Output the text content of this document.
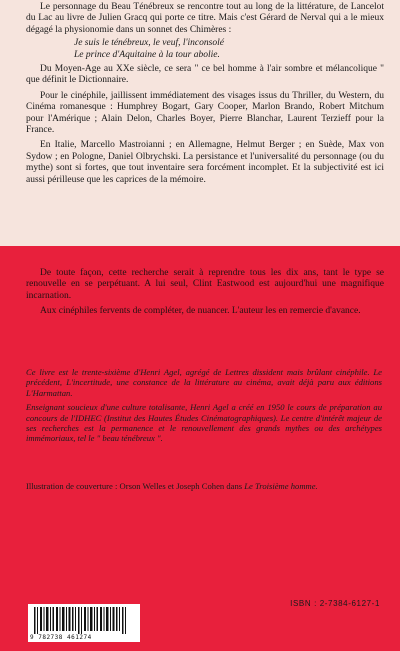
Le personnage du Beau Ténébreux se rencontre tout au long de la littérature, de Lancelot du Lac au livre de Julien Gracq qui porte ce titre. Mais c'est Gérard de Nerval qui a le mieux dégagé la physionomie dans un sonnet des Chimères :

Je suis le ténébreux, le veuf, l'inconsolé
Le prince d'Aquitaine à la tour abolie.

Du Moyen-Age au XXe siècle, ce sera " ce bel homme à l'air sombre et mélancolique " que définit le Dictionnaire.

Pour le cinéphile, jaillissent immédiatement des visages issus du Thriller, du Western, du Cinéma romanesque : Humphrey Bogart, Gary Cooper, Marlon Brando, Robert Mitchum pour l'Amérique ; Alain Delon, Charles Boyer, Pierre Blanchar, Laurent Terzieff pour la France.

En Italie, Marcello Mastroianni ; en Allemagne, Helmut Berger ; en Suède, Max von Sydow ; en Pologne, Daniel Olbrychski. La persistance et l'universalité du personnage (ou du mythe) sont si fortes, que tout inventaire sera forcément incomplet. Et la subjectivité est ici aussi périlleuse que les caprices de la mémoire.

De toute façon, cette recherche serait à reprendre tous les dix ans, tant le type se renouvelle en se perpétuant. A lui seul, Clint Eastwood est aujourd'hui une magnifique incarnation.

Aux cinéphiles fervents de compléter, de nuancer. L'auteur les en remercie d'avance.

Ce livre est le trente-sixième d'Henri Agel, agrégé de Lettres dissident mais brûlant cinéphile. Le précédent, L'incertitude, une constance de la littérature au cinéma, avait déjà paru aux éditions L'Harmattan.

Enseignant soucieux d'une culture totalisante, Henri Agel a créé en 1950 le cours de préparation au concours de l'IDHEC (Institut des Hautes Études Cinématographiques). Le centre d'intérêt majeur de ses recherches est la permanence et le renouvellement des grands mythes ou des archétypes immémoriaux, tel le " beau ténébreux ".

Illustration de couverture : Orson Welles et Joseph Cohen dans Le Troisième homme.
9 782738 461274
ISBN : 2-7384-6127-1
